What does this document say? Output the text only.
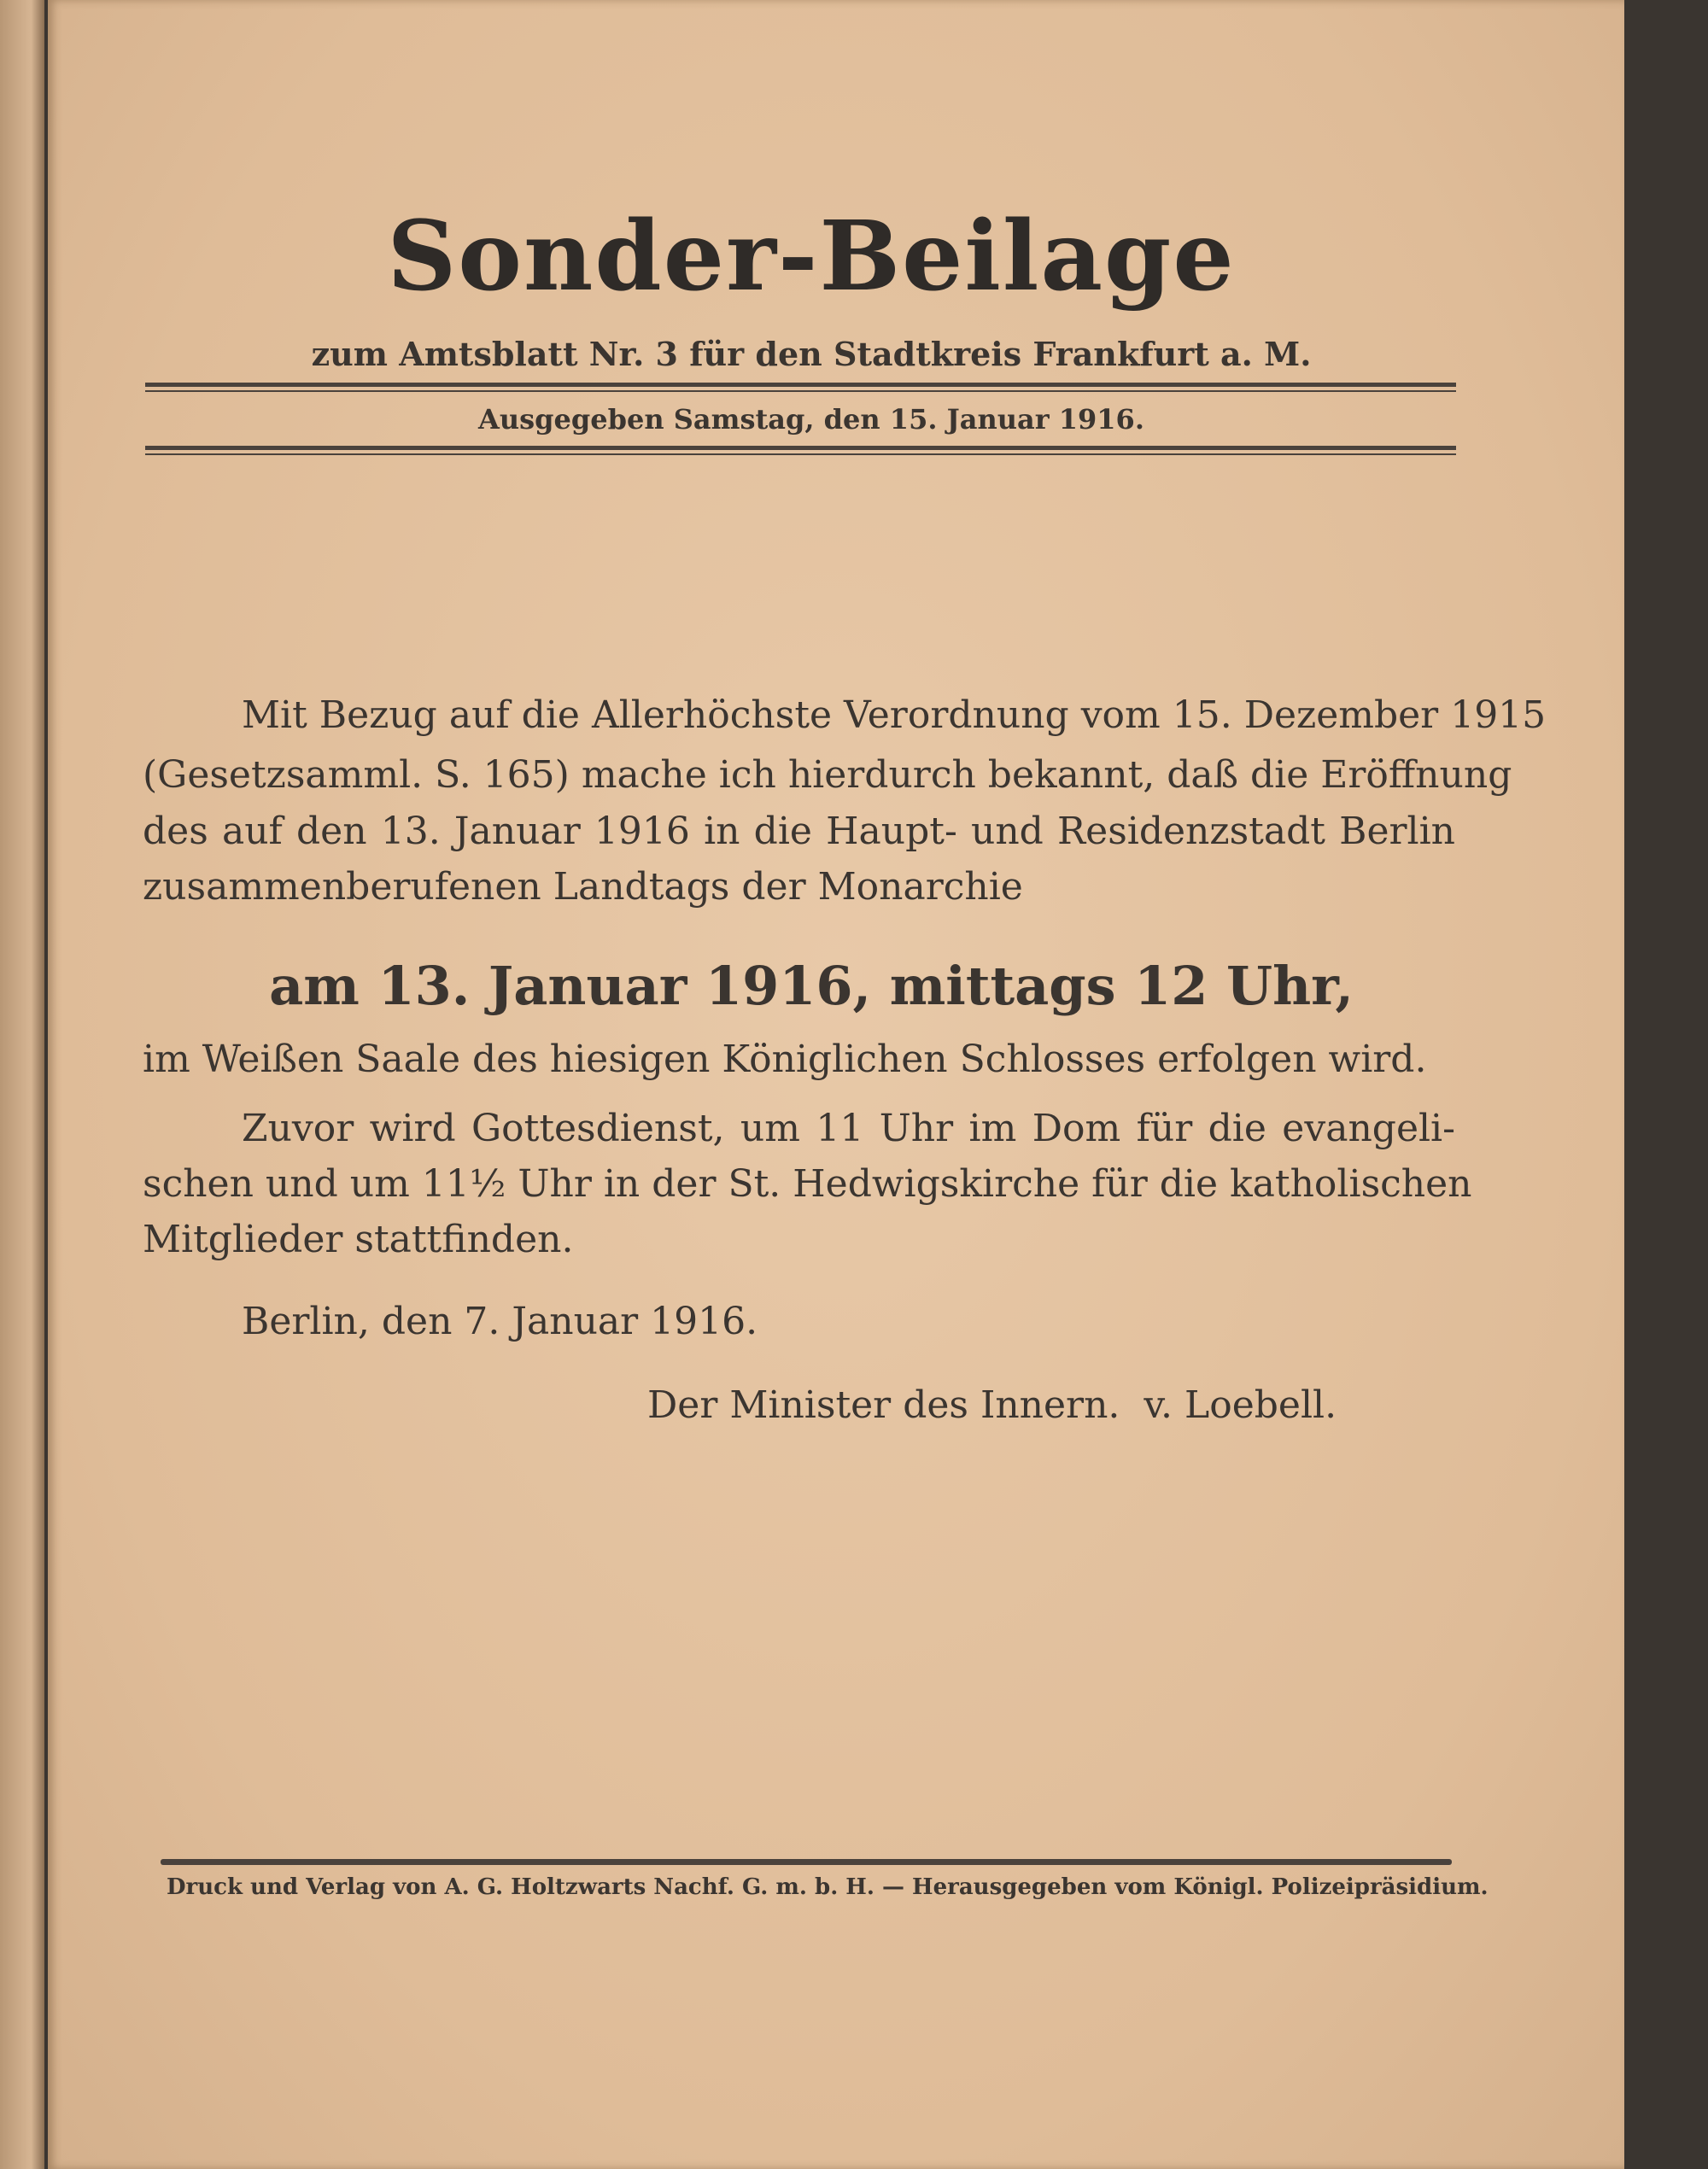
Sonder-Beilage
zum Amtsblatt Nr. 3 für den Stadtkreis Frankfurt a. M.
Ausgegeben Samstag, den 15. Januar 1916.
Mit Bezug auf die Allerhöchste Verordnung vom 15. Dezember 1915
(Gesetzsamml. S. 165) mache ich hierdurch bekannt, daß die Eröffnung
des auf den 13. Januar 1916 in die Haupt- und Residenzstadt Berlin
zusammenberufenen Landtags der Monarchie
am 13. Januar 1916, mittags 12 Uhr,
im Weißen Saale des hiesigen Königlichen Schlosses erfolgen wird.
Zuvor wird Gottesdienst, um 11 Uhr im Dom für die evangeli-
schen und um 11½ Uhr in der St. Hedwigskirche für die katholischen
Mitglieder stattfinden.
Berlin, den 7. Januar 1916.
Der Minister des Innern.  v. Loebell.
Druck und Verlag von A. G. Holtzwarts Nachf. G. m. b. H. — Herausgegeben vom Königl. Polizeipräsidium.
